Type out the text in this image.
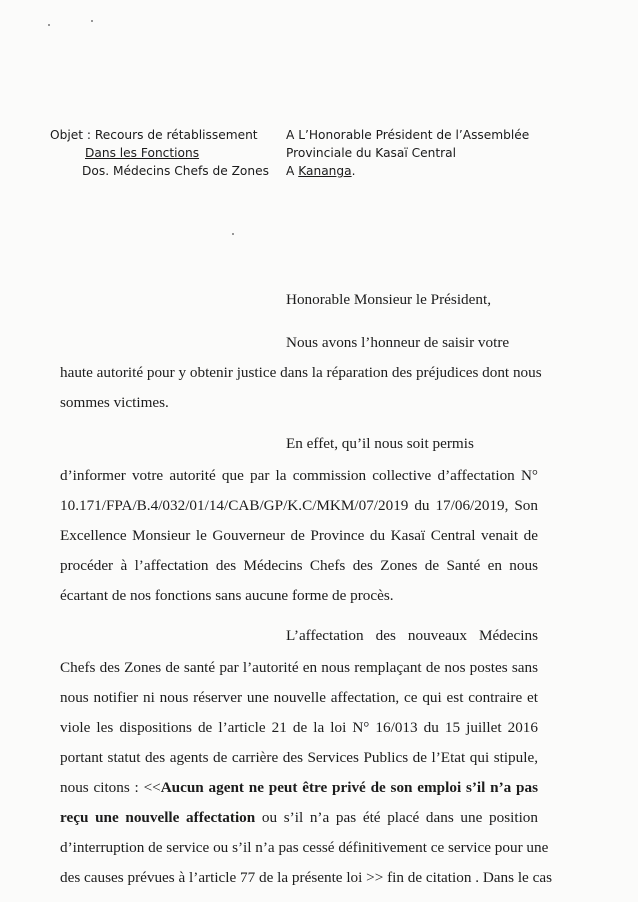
Objet : Recours de rétablissement
Dans les Fonctions
Dos. Médecins Chefs de Zones
A L’Honorable Président de l’Assemblée
Provinciale du Kasaï Central
A Kananga.
Honorable Monsieur le Président,
Nous avons l’honneur de saisir votre
haute autorité pour y obtenir justice dans la réparation des préjudices dont nous
sommes victimes.
En effet, qu’il nous soit permis
d’informer votre autorité que par la commission collective d’affectation N°
10.171/FPA/B.4/032/01/14/CAB/GP/K.C/MKM/07/2019 du 17/06/2019, Son
Excellence Monsieur le Gouverneur de Province du Kasaï Central venait de
procéder à l’affectation des Médecins Chefs des Zones de Santé en nous
écartant de nos fonctions sans aucune forme de procès.
L’affectation des nouveaux Médecins
Chefs des Zones de santé par l’autorité en nous remplaçant de nos postes sans
nous notifier ni nous réserver une nouvelle affectation, ce qui est contraire et
viole les dispositions de l’article 21 de la loi N° 16/013 du 15 juillet 2016
portant statut des agents de carrière des Services Publics de l’Etat qui stipule,
nous citons : <<Aucun agent ne peut être privé de son emploi s’il n’a pas
reçu une nouvelle affectation ou s’il n’a pas été placé dans une position
d’interruption de service ou s’il n’a pas cessé définitivement ce service pour une
des causes prévues à l’article 77 de la présente loi >> fin de citation . Dans le cas
